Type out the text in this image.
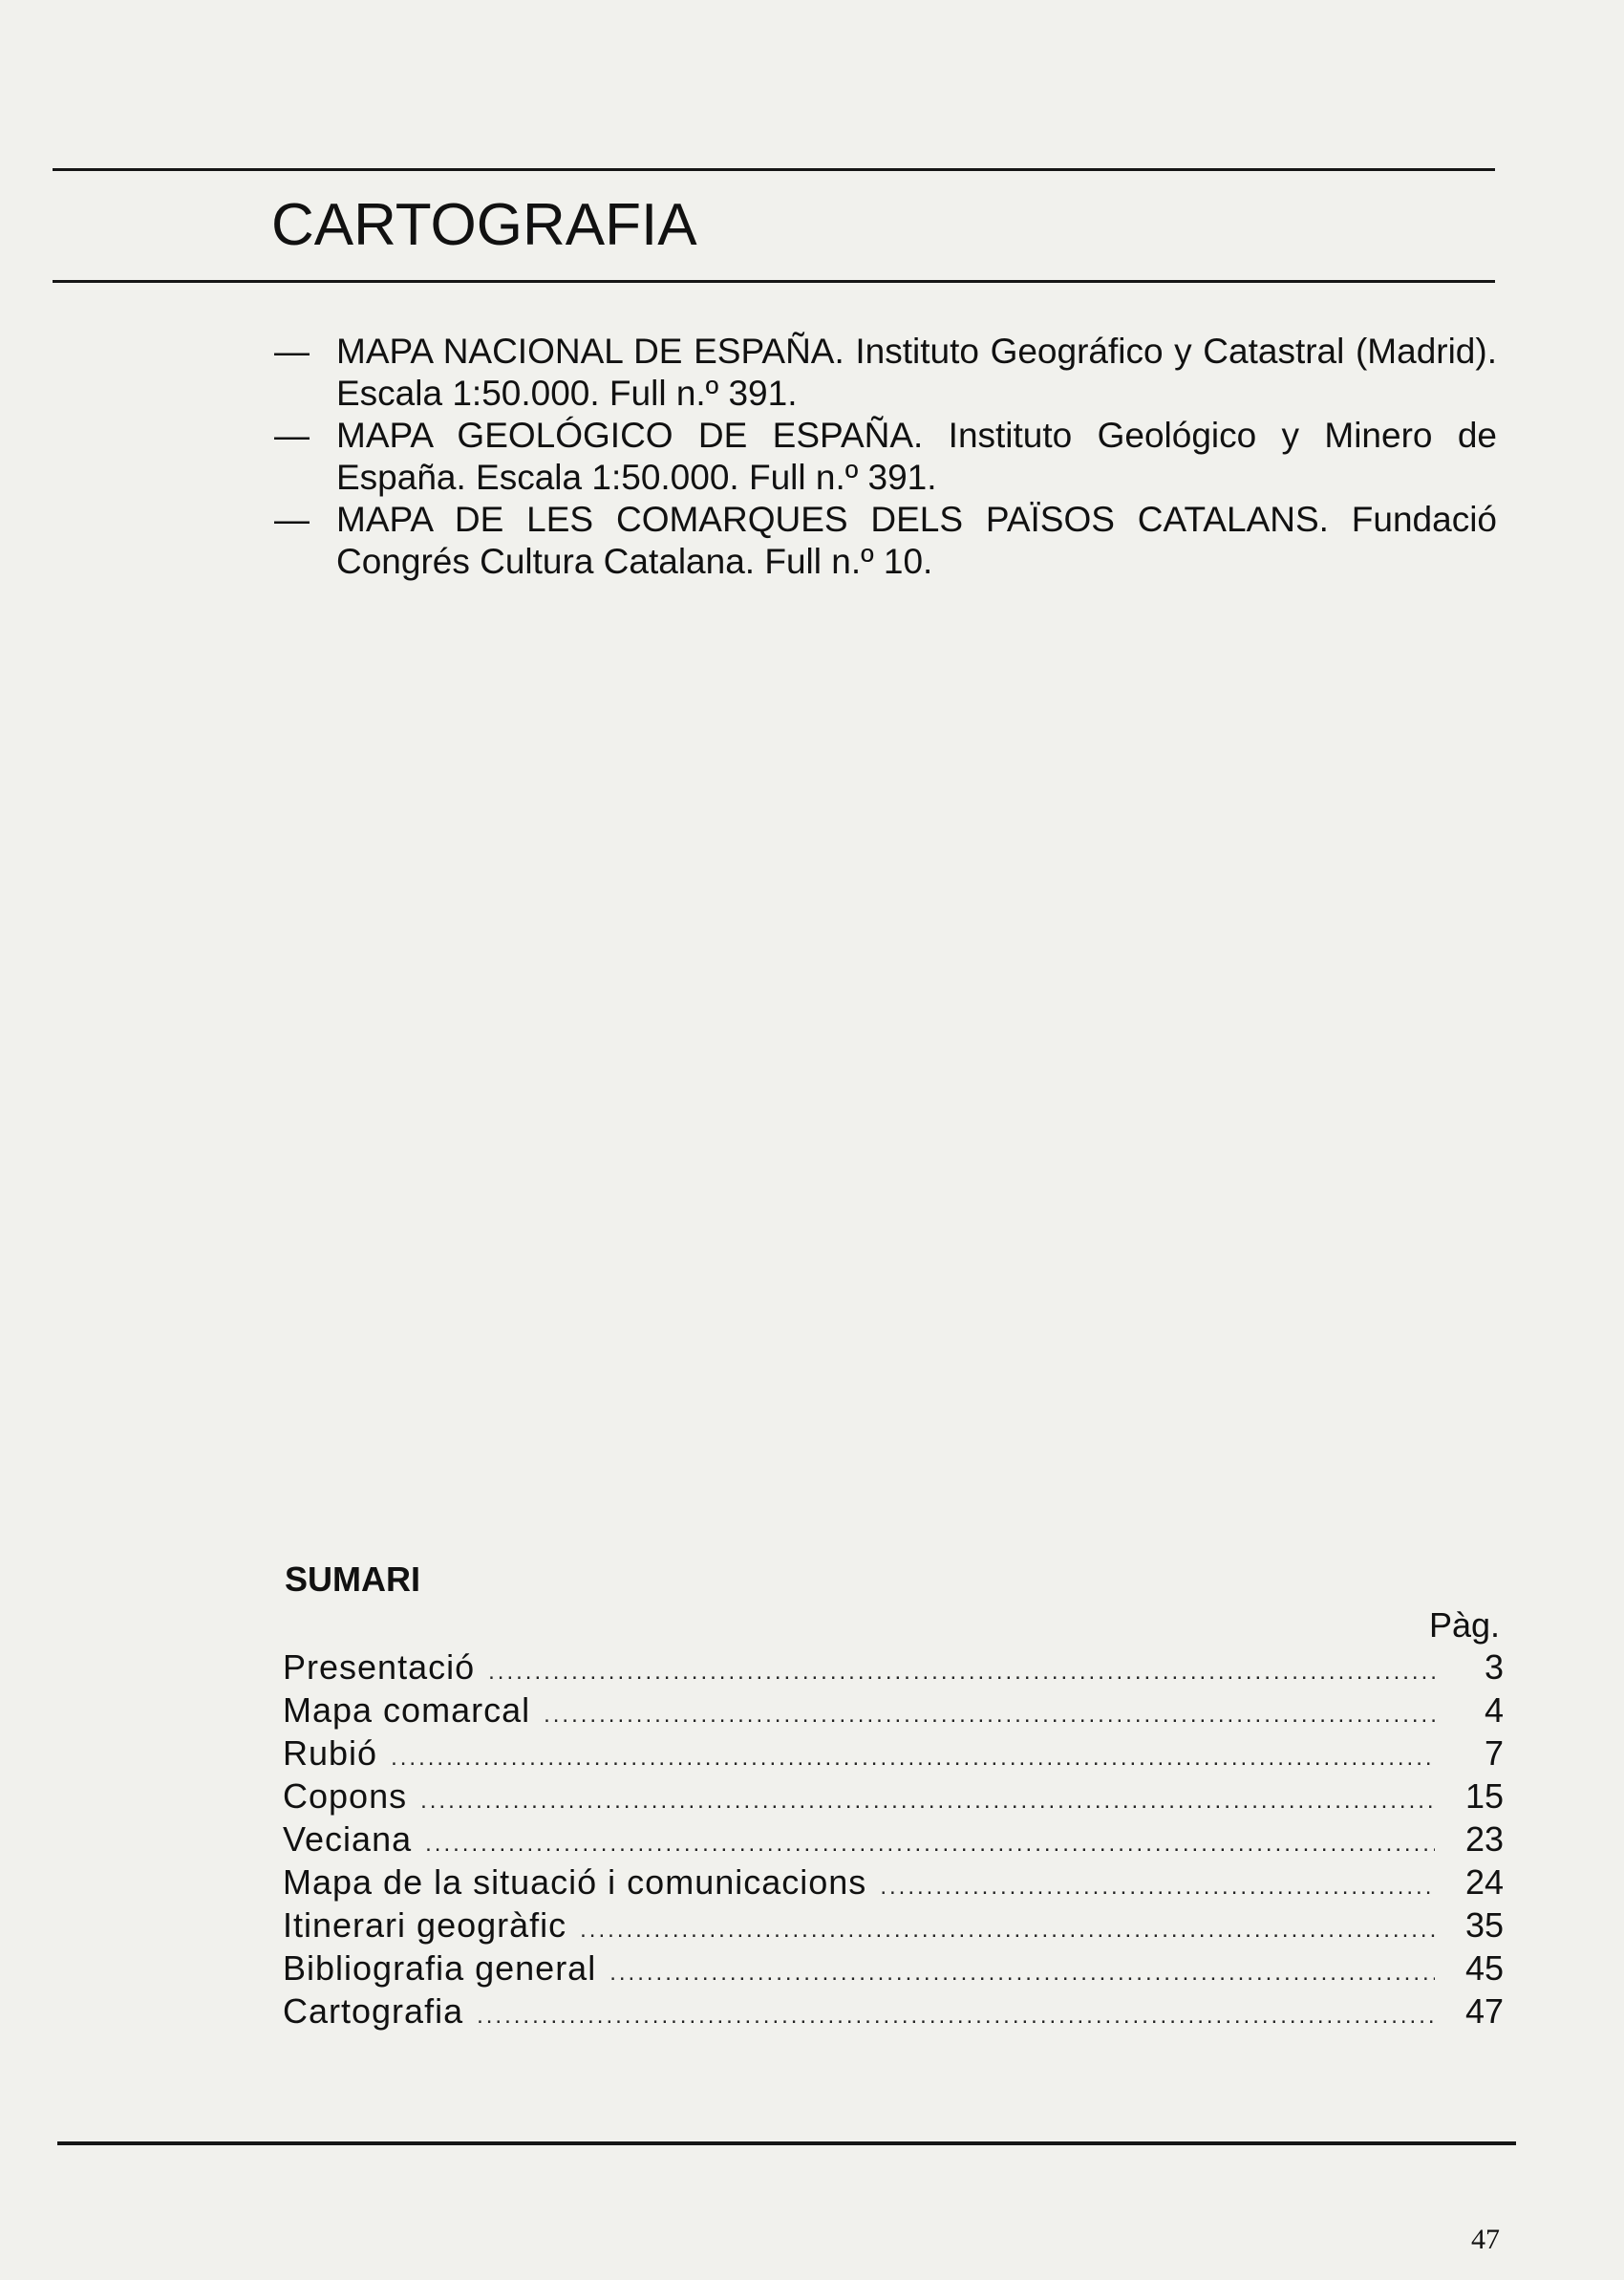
CARTOGRAFIA
— MAPA NACIONAL DE ESPAÑA. Instituto Geográfico y Catastral (Madrid). Escala 1:50.000. Full n.º 391.
— MAPA GEOLÓGICO DE ESPAÑA. Instituto Geológico y Minero de España. Escala 1:50.000. Full n.º 391.
— MAPA DE LES COMARQUES DELS PAÏSOS CATALANS. Fundació Congrés Cultura Catalana. Full n.º 10.
SUMARI
Pàg.
Presentació .....	3
Mapa comarcal .....	4
Rubió .....	7
Copons .....	15
Veciana .....	23
Mapa de la situació i comunicacions .....	24
Itinerari geogràfic .....	35
Bibliografia general .....	45
Cartografia .....	47

47
